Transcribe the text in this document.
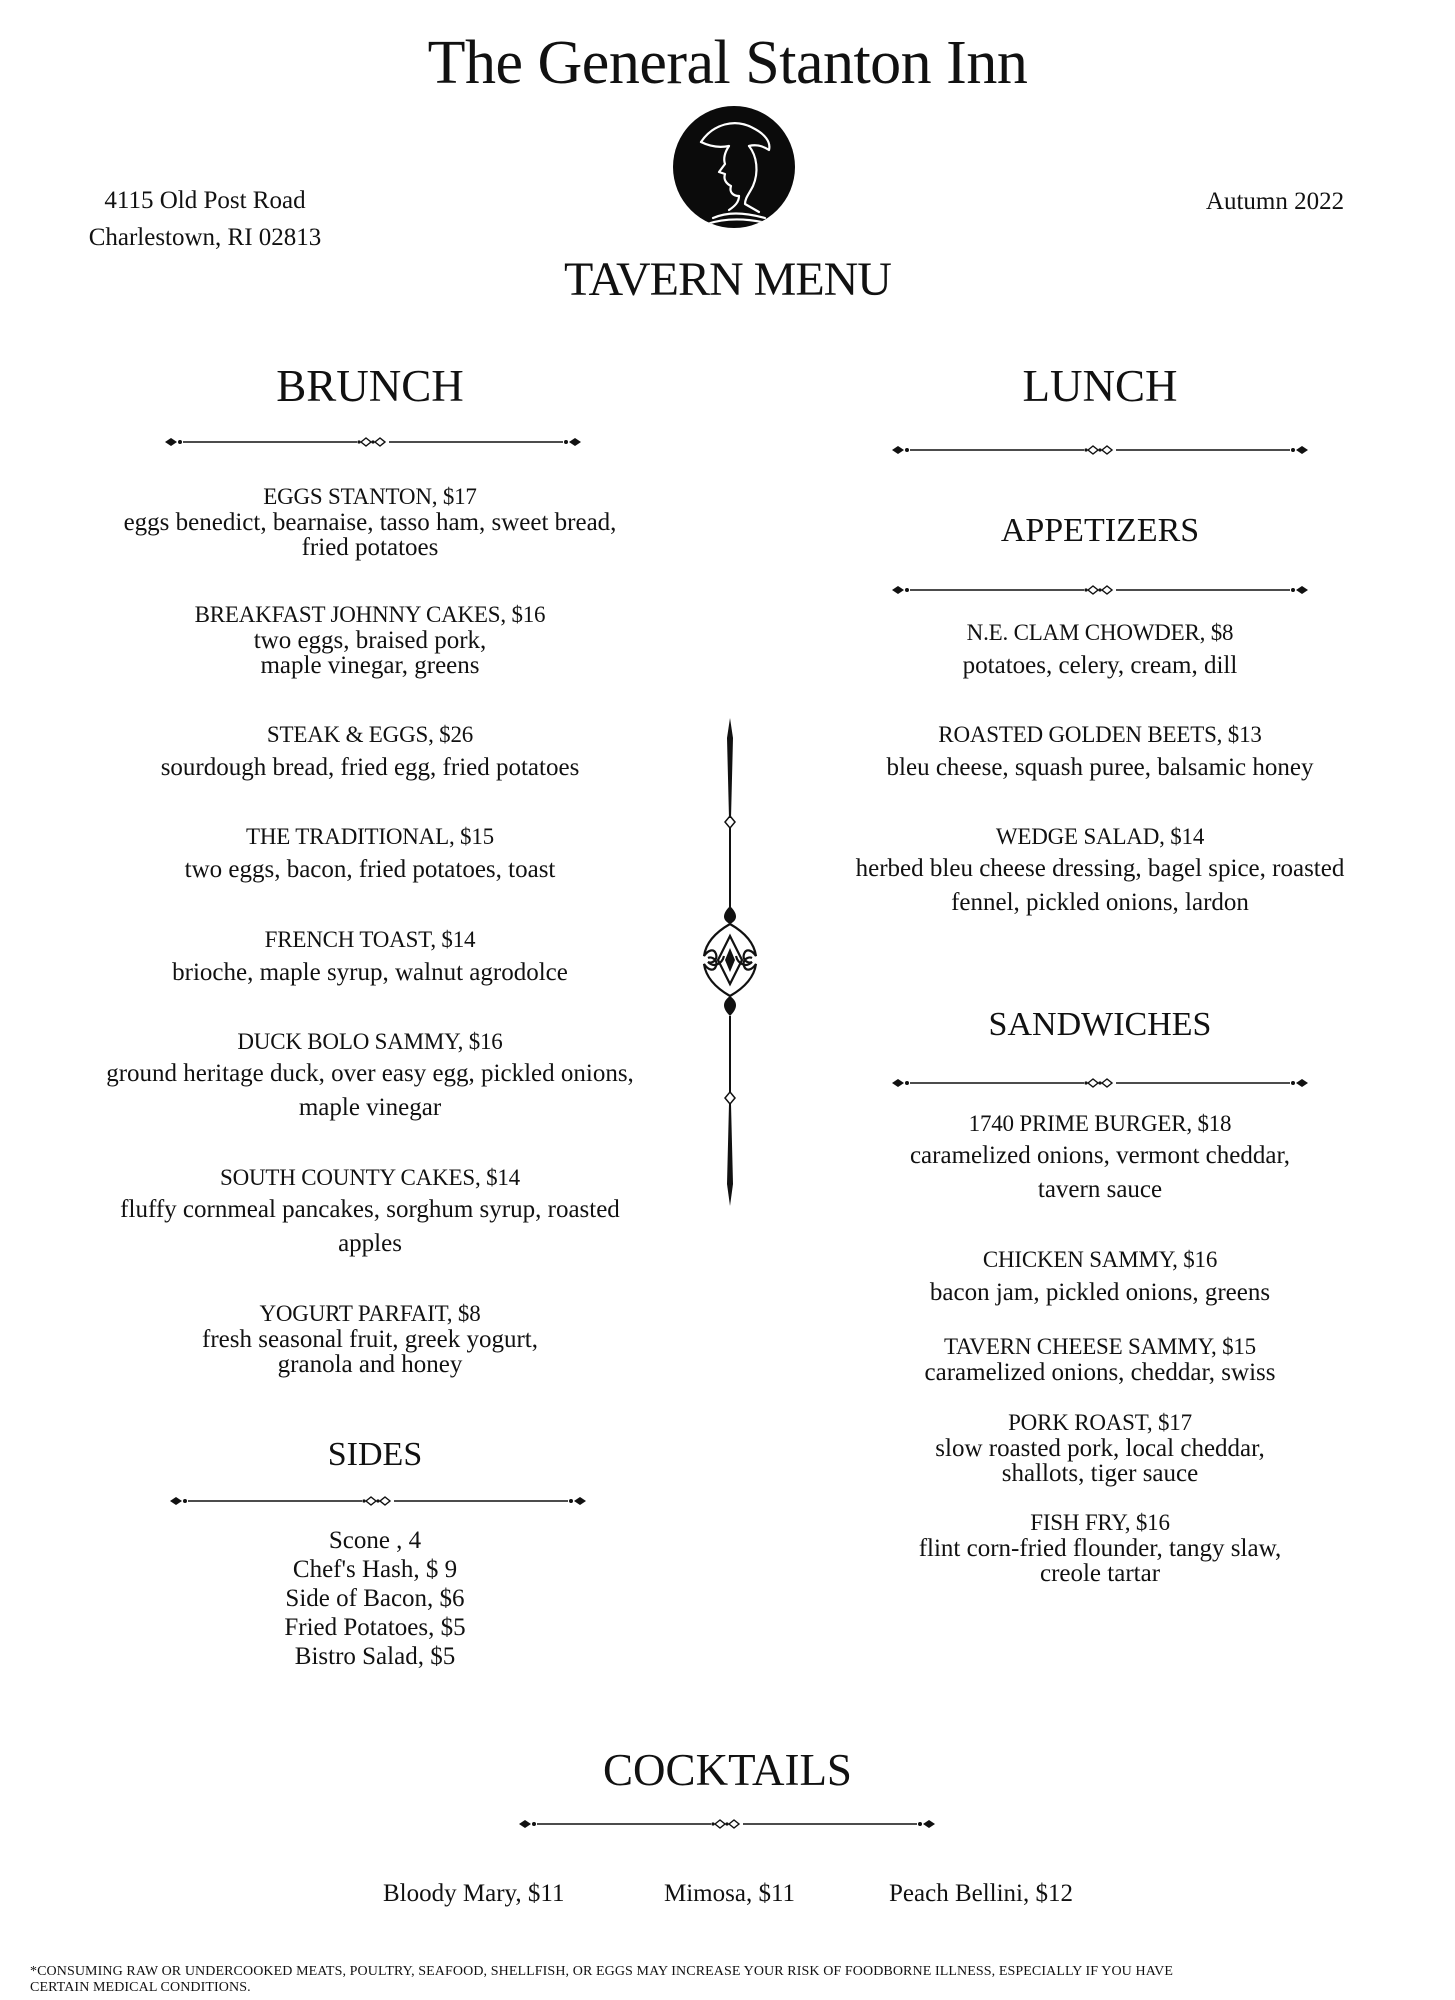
The General Stanton Inn
4115 Old Post Road
Charlestown, RI 02813
Autumn 2022
TAVERN MENU
BRUNCH
EGGS STANTON, $17
eggs benedict, bearnaise, tasso ham, sweet bread,
fried potatoes
BREAKFAST JOHNNY CAKES, $16
two eggs, braised pork,
maple vinegar, greens
STEAK & EGGS, $26
sourdough bread, fried egg, fried potatoes
THE TRADITIONAL, $15
two eggs, bacon, fried potatoes, toast
FRENCH TOAST, $14
brioche, maple syrup, walnut agrodolce
DUCK BOLO SAMMY, $16
ground heritage duck, over easy egg, pickled onions,
maple vinegar
SOUTH COUNTY CAKES, $14
fluffy cornmeal pancakes, sorghum syrup, roasted
apples
YOGURT PARFAIT, $8
fresh seasonal fruit, greek yogurt,
granola and honey
SIDES
Scone , 4
Chef's Hash, $ 9
Side of Bacon, $6
Fried Potatoes, $5
Bistro Salad, $5
LUNCH
APPETIZERS
N.E. CLAM CHOWDER, $8
potatoes, celery, cream, dill
ROASTED GOLDEN BEETS, $13
bleu cheese, squash puree, balsamic honey
WEDGE SALAD, $14
herbed bleu cheese dressing, bagel spice, roasted
fennel, pickled onions, lardon
SANDWICHES
1740 PRIME BURGER, $18
caramelized onions, vermont cheddar,
tavern sauce
CHICKEN SAMMY, $16
bacon jam, pickled onions, greens
TAVERN CHEESE SAMMY, $15
caramelized onions, cheddar, swiss
PORK ROAST, $17
slow roasted pork, local cheddar,
shallots, tiger sauce
FISH FRY, $16
flint corn-fried flounder, tangy slaw,
creole tartar
COCKTAILS
Bloody Mary, $11	Mimosa, $11	Peach Bellini, $12
*CONSUMING RAW OR UNDERCOOKED MEATS, POULTRY, SEAFOOD, SHELLFISH, OR EGGS MAY INCREASE YOUR RISK OF FOODBORNE ILLNESS, ESPECIALLY IF YOU HAVE
CERTAIN MEDICAL CONDITIONS.
